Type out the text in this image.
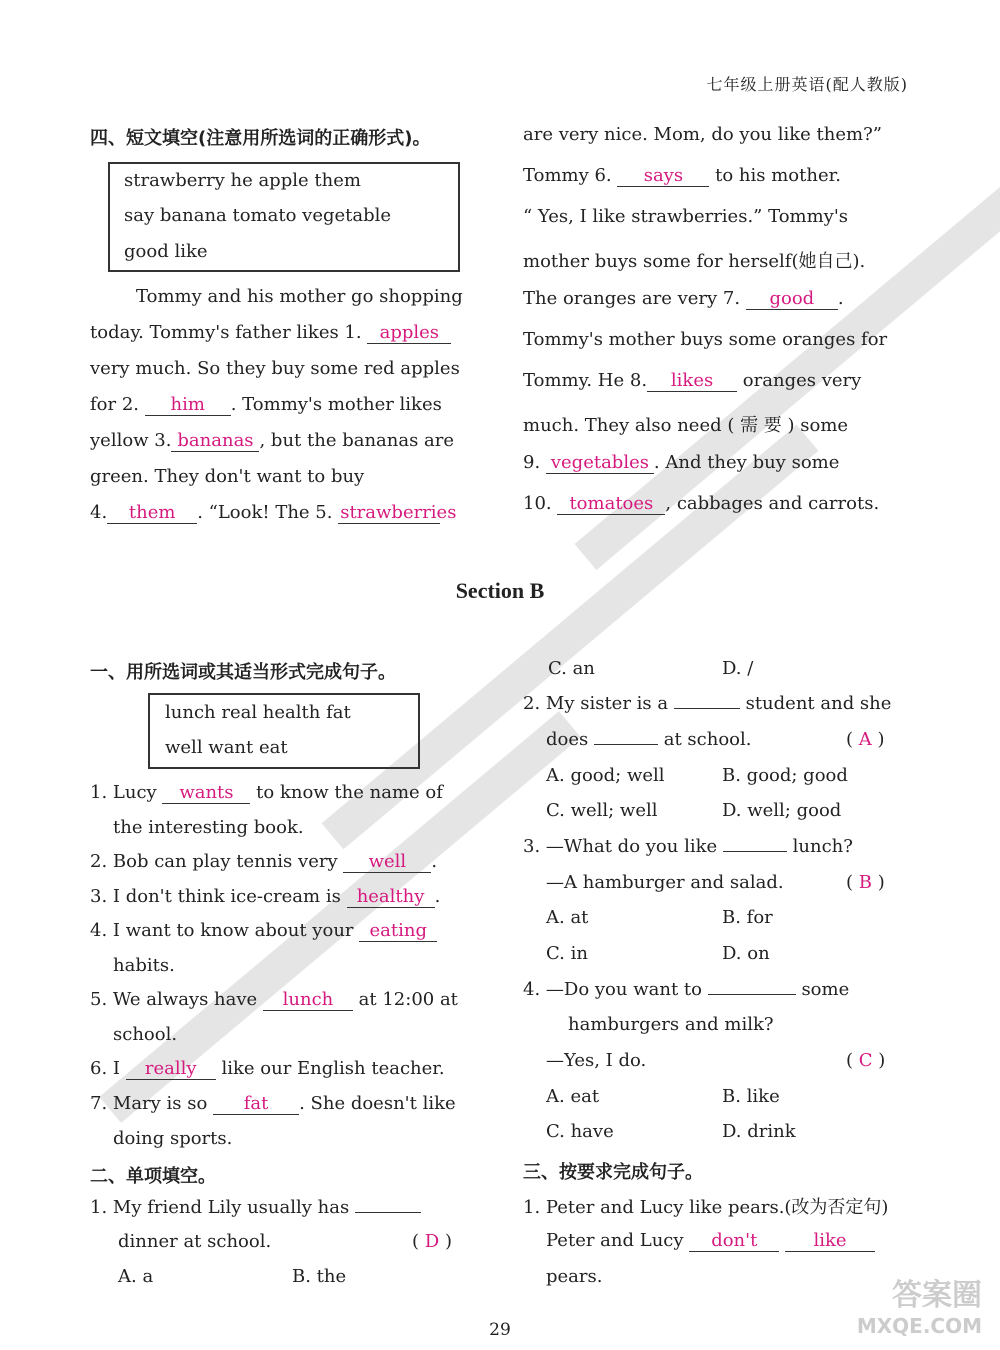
七年级上册英语(配人教版)
四、短文填空(注意用所选词的正确形式)。
strawberry he apple them
say banana tomato vegetable
good like
Tommy and his mother go shopping
today. Tommy's father likes 1. apples
very much. So they buy some red apples
for 2. him . Tommy's mother likes
yellow 3. bananas , but the bananas are
green. They don't want to buy
4. them . “Look! The 5. strawberries
are very nice. Mom, do you like them?”
Tommy 6. says to his mother.
“ Yes, I like strawberries.” Tommy's
mother buys some for herself(她自己).
The oranges are very 7. good .
Tommy's mother buys some oranges for
Tommy. He 8. likes oranges very
much. They also need ( 需 要 ) some
9. vegetables . And they buy some
10. tomatoes , cabbages and carrots.
Section B
一、用所选词或其适当形式完成句子。
lunch real health fat
well want eat
1. Lucy wants to know the name of
the interesting book.
2. Bob can play tennis very well .
3. I don't think ice-cream is healthy .
4. I want to know about your eating
habits.
5. We always have lunch at 12:00 at
school.
6. I really like our English teacher.
7. Mary is so fat . She doesn't like
doing sports.
二、单项填空。
1. My friend Lily usually has
dinner at school.	( D )
A. a	B. the
C. an	D. /
2. My sister is a	student and she
does	at school.	( A )
A. good; well	B. good; good
C. well; well	D. well; good
3. —What do you like	lunch?
—A hamburger and salad.	( B )
A. at	B. for
C. in	D. on
4. —Do you want to	some
hamburgers and milk?
—Yes, I do.	( C )
A. eat	B. like
C. have	D. drink
三、按要求完成句子。
1. Peter and Lucy like pears.(改为否定句)
Peter and Lucy don't	like
pears.
29
答案圈
MXQE.COM
